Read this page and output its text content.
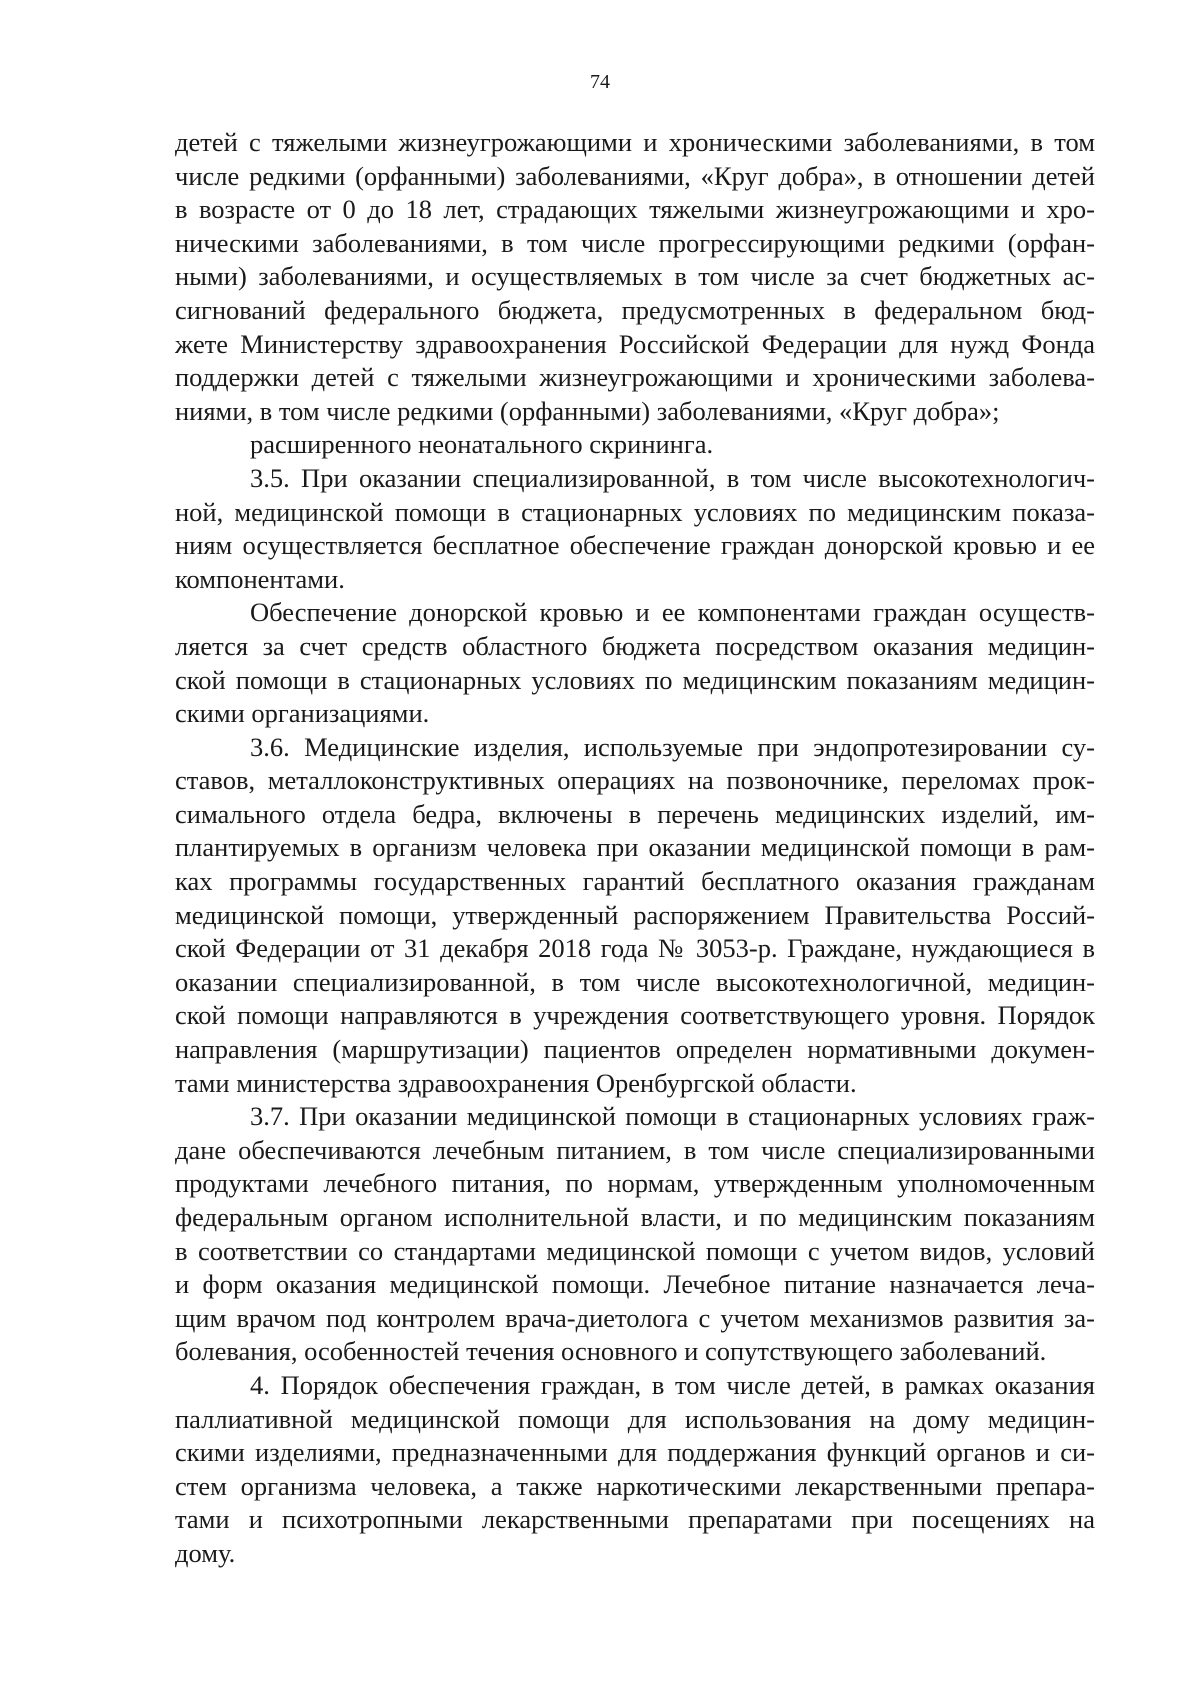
74
детей с тяжелыми жизнеугрожающими и хроническими заболеваниями, в том
числе редкими (орфанными) заболеваниями, «Круг добра», в отношении детей
в возрасте от 0 до 18 лет, страдающих тяжелыми жизнеугрожающими и хро-
ническими заболеваниями, в том числе прогрессирующими редкими (орфан-
ными) заболеваниями, и осуществляемых в том числе за счет бюджетных ас-
сигнований федерального бюджета, предусмотренных в федеральном бюд-
жете Министерству здравоохранения Российской Федерации для нужд Фонда
поддержки детей с тяжелыми жизнеугрожающими и хроническими заболева-
ниями, в том числе редкими (орфанными) заболеваниями, «Круг добра»;
расширенного неонатального скрининга.
3.5. При оказании специализированной, в том числе высокотехнологич-
ной, медицинской помощи в стационарных условиях по медицинским показа-
ниям осуществляется бесплатное обеспечение граждан донорской кровью и ее
компонентами.
Обеспечение донорской кровью и ее компонентами граждан осуществ-
ляется за счет средств областного бюджета посредством оказания медицин-
ской помощи в стационарных условиях по медицинским показаниям медицин-
скими организациями.
3.6. Медицинские изделия, используемые при эндопротезировании су-
ставов, металлоконструктивных операциях на позвоночнике, переломах прок-
симального отдела бедра, включены в перечень медицинских изделий, им-
плантируемых в организм человека при оказании медицинской помощи в рам-
ках программы государственных гарантий бесплатного оказания гражданам
медицинской помощи, утвержденный распоряжением Правительства Россий-
ской Федерации от 31 декабря 2018 года № 3053-р. Граждане, нуждающиеся в
оказании специализированной, в том числе высокотехнологичной, медицин-
ской помощи направляются в учреждения соответствующего уровня. Порядок
направления (маршрутизации) пациентов определен нормативными докумен-
тами министерства здравоохранения Оренбургской области.
3.7. При оказании медицинской помощи в стационарных условиях граж-
дане обеспечиваются лечебным питанием, в том числе специализированными
продуктами лечебного питания, по нормам, утвержденным уполномоченным
федеральным органом исполнительной власти, и по медицинским показаниям
в соответствии со стандартами медицинской помощи с учетом видов, условий
и форм оказания медицинской помощи. Лечебное питание назначается леча-
щим врачом под контролем врача-диетолога с учетом механизмов развития за-
болевания, особенностей течения основного и сопутствующего заболеваний.
4. Порядок обеспечения граждан, в том числе детей, в рамках оказания
паллиативной медицинской помощи для использования на дому медицин-
скими изделиями, предназначенными для поддержания функций органов и си-
стем организма человека, а также наркотическими лекарственными препара-
тами и психотропными лекарственными препаратами при посещениях на
дому.
